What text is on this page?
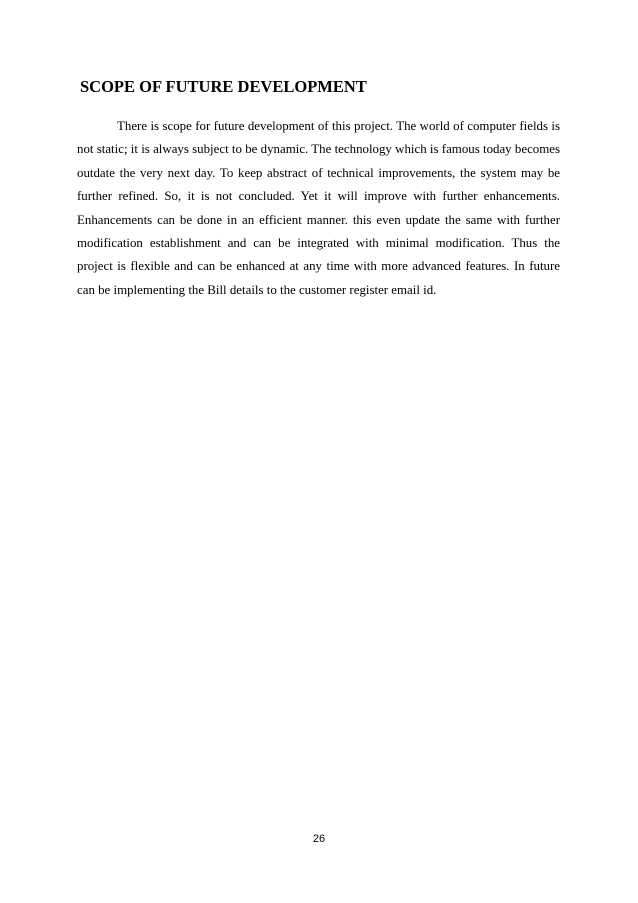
SCOPE OF FUTURE DEVELOPMENT

There is scope for future development of this project. The world of computer fields is not static; it is always subject to be dynamic. The technology which is famous today becomes outdate the very next day. To keep abstract of technical improvements, the system may be further refined. So, it is not concluded. Yet it will improve with further enhancements. Enhancements can be done in an efficient manner. this even update the same with further modification establishment and can be integrated with minimal modification. Thus the project is flexible and can be enhanced at any time with more advanced features. In future can be implementing the Bill details to the customer register email id.

26
